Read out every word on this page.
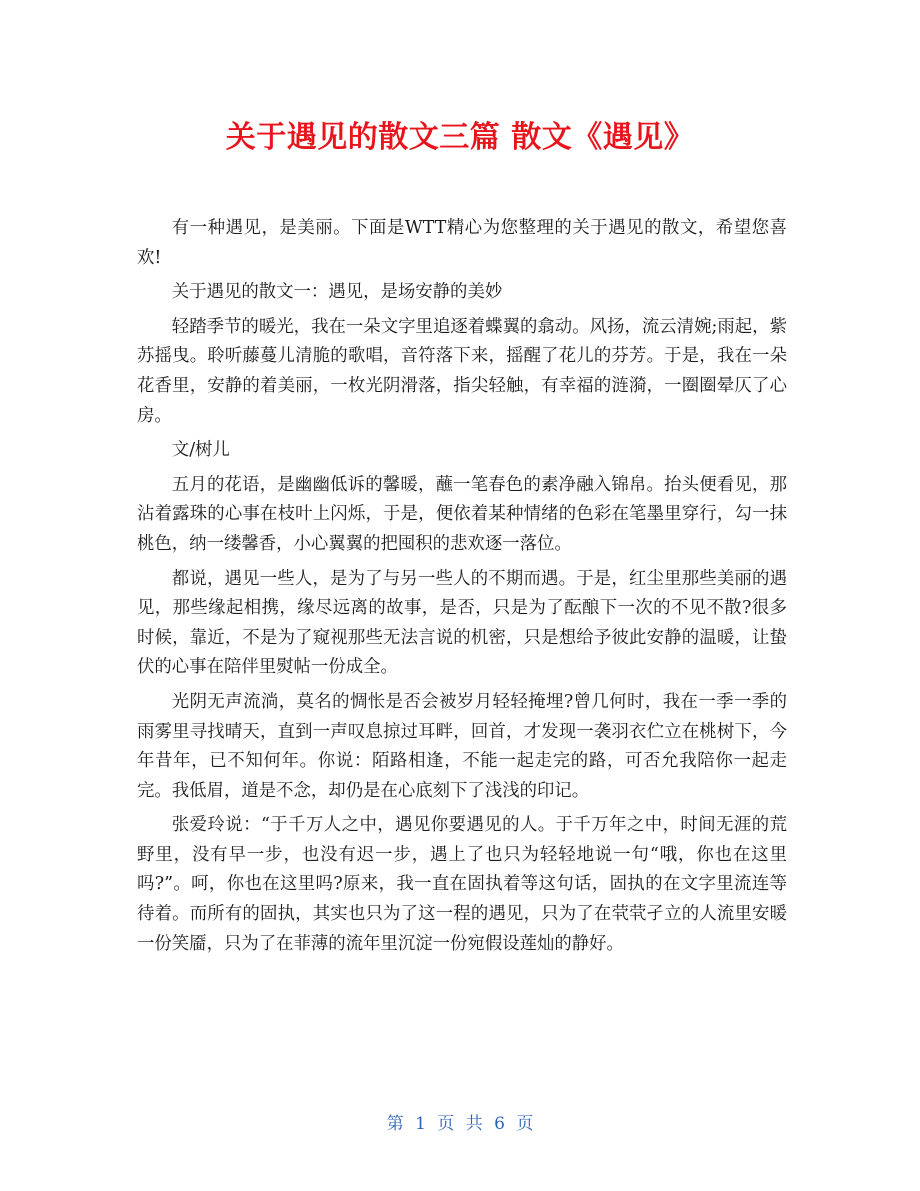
关于遇见的散文三篇 散文《遇见》

有一种遇见，是美丽。下面是WTT精心为您整理的关于遇见的散文，希望您喜欢!

关于遇见的散文一：遇见，是场安静的美妙

轻踏季节的暖光，我在一朵文字里追逐着蝶翼的翕动。风扬，流云清婉;雨起，紫苏摇曳。聆听藤蔓儿清脆的歌唱，音符落下来，摇醒了花儿的芬芳。于是，我在一朵花香里，安静的着美丽，一枚光阴滑落，指尖轻触，有幸福的涟漪，一圈圈晕仄了心房。

文/树儿

五月的花语，是幽幽低诉的馨暖，蘸一笔春色的素净融入锦帛。抬头便看见，那沾着露珠的心事在枝叶上闪烁，于是，便依着某种情绪的色彩在笔墨里穿行，勾一抹桃色，纳一缕馨香，小心翼翼的把囤积的悲欢逐一落位。

都说，遇见一些人，是为了与另一些人的不期而遇。于是，红尘里那些美丽的遇见，那些缘起相携，缘尽远离的故事，是否，只是为了酝酿下一次的不见不散?很多时候，靠近，不是为了窥视那些无法言说的机密，只是想给予彼此安静的温暖，让蛰伏的心事在陪伴里熨帖一份成全。

光阴无声流淌，莫名的惆怅是否会被岁月轻轻掩埋?曾几何时，我在一季一季的雨雾里寻找晴天，直到一声叹息掠过耳畔，回首，才发现一袭羽衣伫立在桃树下，今年昔年，已不知何年。你说：陌路相逢，不能一起走完的路，可否允我陪你一起走完。我低眉，道是不念，却仍是在心底刻下了浅浅的印记。

张爱玲说：“于千万人之中，遇见你要遇见的人。于千万年之中，时间无涯的荒野里，没有早一步，也没有迟一步，遇上了也只为轻轻地说一句“哦，你也在这里吗?”。呵，你也在这里吗?原来，我一直在固执着等这句话，固执的在文字里流连等待着。而所有的固执，其实也只为了这一程的遇见，只为了在茕茕孑立的人流里安暖一份笑靥，只为了在菲薄的流年里沉淀一份宛假设莲灿的静好。

第 1 页 共 6 页
